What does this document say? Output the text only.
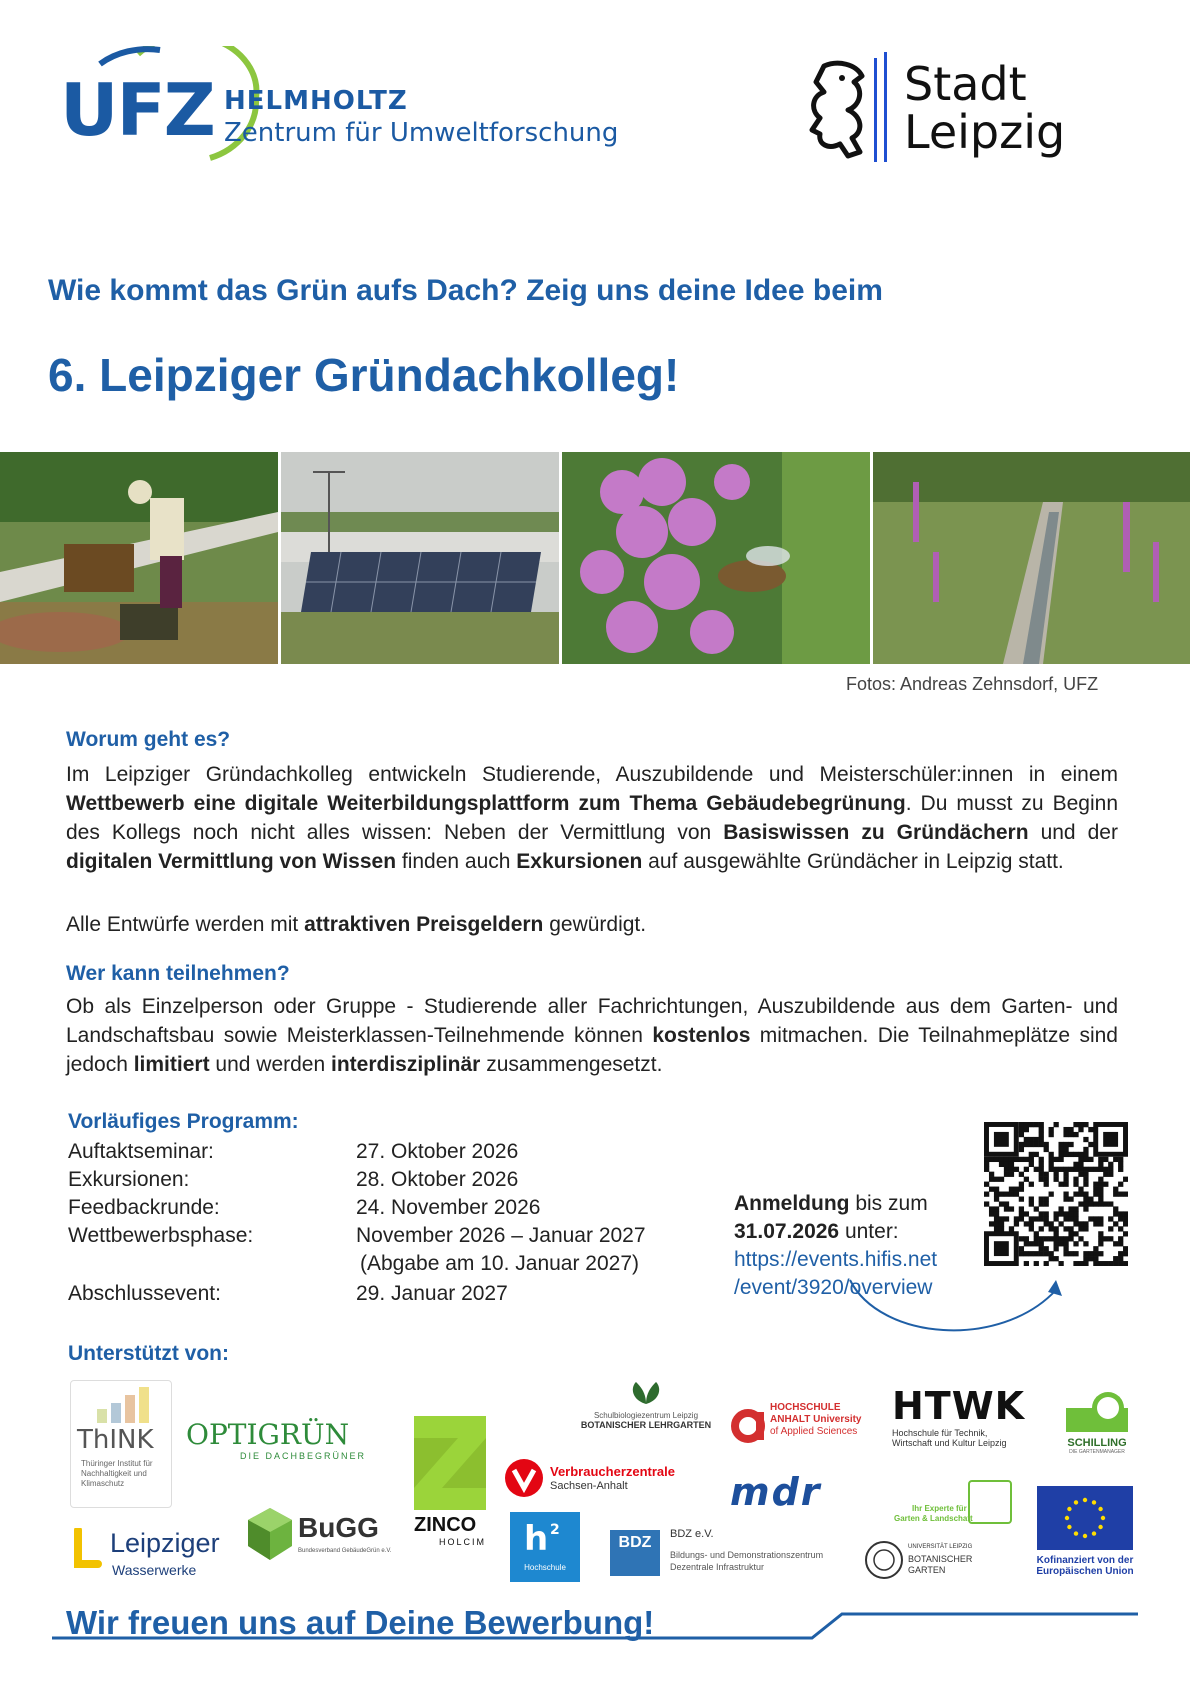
UFZ HELMHOLTZ
Zentrum für Umweltforschung
Stadt
Leipzig
Wie kommt das Grün aufs Dach? Zeig uns deine Idee beim
6. Leipziger Gründachkolleg!
Fotos: Andreas Zehnsdorf, UFZ
Worum geht es?
Im Leipziger Gründachkolleg entwickeln Studierende, Auszubildende und Meisterschüler:innen in einem Wettbewerb eine digitale Weiterbildungsplattform zum Thema Gebäudebegrünung. Du musst zu Beginn des Kollegs noch nicht alles wissen: Neben der Vermittlung von Basiswissen zu Gründächern und der digitalen Vermittlung von Wissen finden auch Exkursionen auf ausgewählte Gründächer in Leipzig statt.
Alle Entwürfe werden mit attraktiven Preisgeldern gewürdigt.
Wer kann teilnehmen?
Ob als Einzelperson oder Gruppe - Studierende aller Fachrichtungen, Auszubildende aus dem Garten- und Landschaftsbau sowie Meisterklassen-Teilnehmende können kostenlos mitmachen. Die Teilnahmeplätze sind jedoch limitiert und werden interdisziplinär zusammengesetzt.
Vorläufiges Programm:
Auftaktseminar:	27. Oktober 2026
Exkursionen:	28. Oktober 2026
Feedbackrunde:	24. November 2026
Wettbewerbsphase:	November 2026 – Januar 2027
(Abgabe am 10. Januar 2027)
Abschlussevent:	29. Januar 2027
Anmeldung bis zum
31.07.2026 unter:
https://events.hifis.net
/event/3920/overview
Unterstützt von:
ThINK
Thüringer Institut für Nachhaltigkeit und Klimaschutz
OPTIGRÜN
DIE DACHBEGRÜNER
ZINCO
HOLCIM
Schulbiologiezentrum Leipzig
BOTANISCHER LEHRGARTEN
Verbraucherzentrale
Sachsen-Anhalt
HOCHSCHULE
ANHALT University
of Applied Sciences
mdr
HTWK
Hochschule für Technik,
Wirtschaft und Kultur Leipzig	SCHILLING
DIE GARTENMANAGER
Ihr Experte für
Garten & Landschaft
Kofinanziert von der
Europäischen Union
Leipziger
Wasserwerke
BuGG
Bundesverband GebäudeGrün e.V.	h 2
Hochschule
BDZ	BDZ e.V.
Bildungs- und Demonstrationszentrum
Dezentrale Infrastruktur
UNIVERSITÄT LEIPZIG
BOTANISCHER
GARTEN
Wir freuen uns auf Deine Bewerbung!
